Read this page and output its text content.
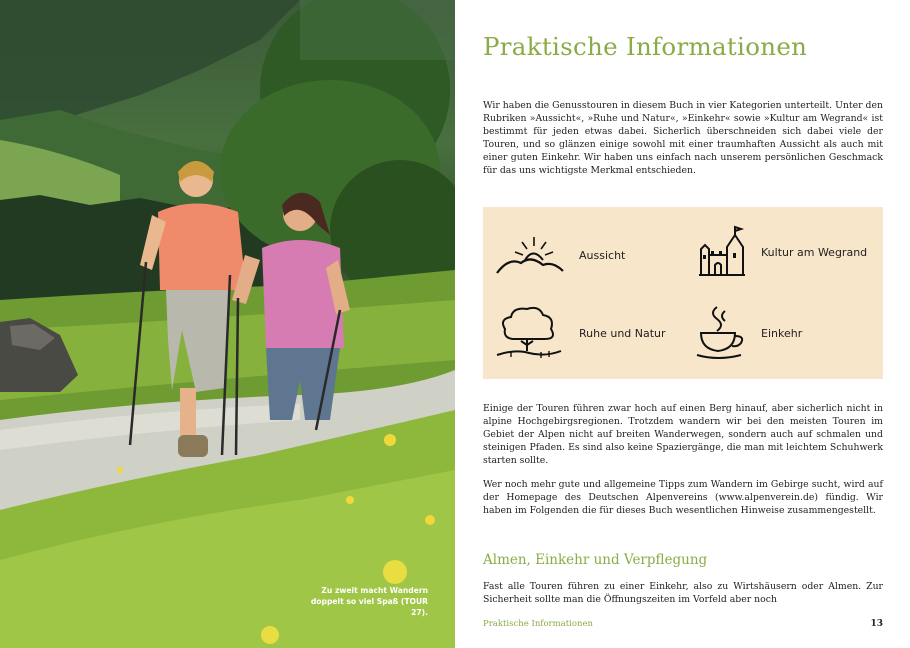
Zu zweit macht Wandern
doppelt so viel Spaß (TOUR 27).
Praktische Informationen

Wir haben die Genusstouren in diesem Buch in vier Kategorien unterteilt. Unter den Rubriken »Aussicht«, »Ruhe und Natur«, »Einkehr« sowie »Kultur am Wegrand« ist bestimmt für jeden etwas dabei. Sicherlich überschneiden sich dabei viele der Touren, und so glänzen einige sowohl mit einer traumhaften Aussicht als auch mit einer guten Einkehr. Wir haben uns einfach nach unserem persönlichen Geschmack für das uns wichtigste Merkmal entschieden.

Aussicht	Kultur am Wegrand
Ruhe und Natur	Einkehr

Einige der Touren führen zwar hoch auf einen Berg hinauf, aber sicherlich nicht in alpine Hochgebirgsregionen. Trotzdem wandern wir bei den meisten Touren im Gebiet der Alpen nicht auf breiten Wanderwegen, sondern auch auf schmalen und steinigen Pfaden. Es sind also keine Spaziergänge, die man mit leichtem Schuhwerk starten sollte.

Wer noch mehr gute und allgemeine Tipps zum Wandern im Gebirge sucht, wird auf der Homepage des Deutschen Alpenvereins (www.alpenverein.de) fündig. Wir haben im Folgenden die für dieses Buch wesentlichen Hinweise zusammengestellt.

Almen, Einkehr und Verpflegung

Fast alle Touren führen zu einer Einkehr, also zu Wirtshäusern oder Almen. Zur Sicherheit sollte man die Öffnungszeiten im Vorfeld aber noch

Praktische Informationen	13
